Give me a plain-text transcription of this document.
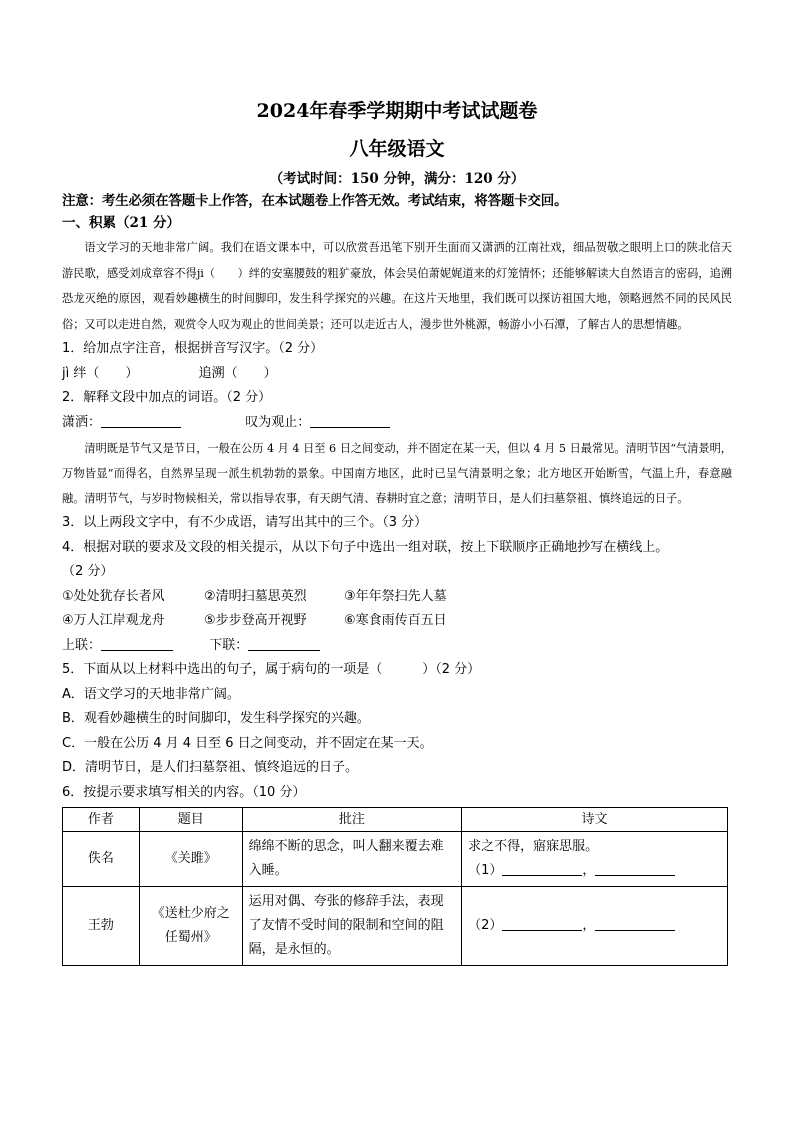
2024年春季学期期中考试试题卷
八年级语文
（考试时间：150 分钟，满分：120 分）
注意：考生必须在答题卡上作答，在本试题卷上作答无效。考试结束，将答题卡交回。
一、积累（21 分）

语文学习的天地非常广阔。我们在语文课本中，可以欣赏吾迅笔下别开生面而又潇洒的江南社戏，细品贺敬之眼明上口的陕北信天游民歌，感受刘成章容不得ji（　　）绊的安塞腰鼓的粗犷豪放，体会吴伯萧妮娓道来的灯笼情怀；还能够解读大自然语言的密码，追溯恐龙灭绝的原因，观看妙趣横生的时间脚印，发生科学探究的兴趣。在这片天地里，我们既可以探访祖国大地，领略迥然不同的民风民俗；又可以走进自然，观赏令人叹为观止的世间美景；还可以走近古人，漫步世外桃源，畅游小小石潭，了解古人的思想情趣。

1．给加点字注音，根据拼音写汉字。（2 分）
jì 绊（　　）	追溯（　　）
2．解释文段中加点的词语。（2 分）
潇洒：	叹为观止：

清明既是节气又是节日，一般在公历 4 月 4 日至 6 日之间变动，并不固定在某一天，但以 4 月 5 日最常见。清明节因“气清景明，万物皆显”而得名，自然界呈现一派生机勃勃的景象。中国南方地区，此时已呈气清景明之象；北方地区开始断雪，气温上升，春意融融。清明节气，与岁时物候相关，常以指导农事，有天朗气清、春耕时宜之意；清明节日，是人们扫墓祭祖、慎终追远的日子。

3．以上两段文字中，有不少成语，请写出其中的三个。（3 分）
4．根据对联的要求及文段的相关提示，从以下句子中选出一组对联，按上下联顺序正确地抄写在横线上。
（2 分）
①处处犹存长者风	②清明扫墓思英烈	③年年祭扫先人墓
④万人江岸观龙舟	⑤步步登高开视野	⑥寒食雨传百五日
上联：	下联：
5．下面从以上材料中选出的句子，属于病句的一项是（	）（2 分）
A．语文学习的天地非常广阔。
B．观看妙趣横生的时间脚印，发生科学探究的兴趣。
C．一般在公历 4 月 4 日至 6 日之间变动，并不固定在某一天。
D．清明节日，是人们扫墓祭祖、慎终追远的日子。
6．按提示要求填写相关的内容。（10 分）
作者	题目	批注	诗文
佚名	《关雎》	绵绵不断的思念，叫人翻来覆去难入睡。	求之不得，寤寐思服。
（1） ，

王勃	《送杜少府之任蜀州》	运用对偶、夸张的修辞手法，表现了友情不受时间的限制和空间的阻隔，是永恒的。	（2） ，
